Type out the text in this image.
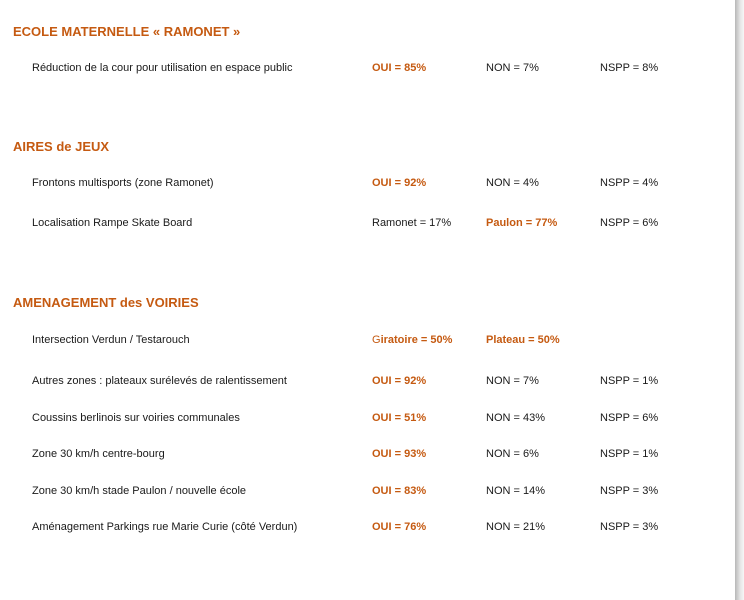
ECOLE MATERNELLE « RAMONET »
Réduction de la cour pour utilisation en espace public	OUI = 85%	NON = 7%	NSPP = 8%
AIRES de JEUX
Frontons multisports (zone Ramonet)	OUI = 92%	NON = 4%	NSPP = 4%
Localisation Rampe Skate Board	Ramonet = 17%	Paulon = 77%	NSPP = 6%
AMENAGEMENT des VOIRIES
Intersection Verdun / Testarouch	Giratoire = 50%	Plateau = 50%
Autres zones : plateaux surélevés de ralentissement	OUI = 92%	NON = 7%	NSPP = 1%
Coussins berlinois sur voiries communales	OUI = 51%	NON = 43%	NSPP = 6%
Zone 30 km/h centre-bourg	OUI = 93%	NON = 6%	NSPP = 1%
Zone 30 km/h stade Paulon / nouvelle école	OUI = 83%	NON = 14%	NSPP = 3%
Aménagement Parkings rue Marie Curie (côté Verdun)	OUI = 76%	NON = 21%	NSPP = 3%
